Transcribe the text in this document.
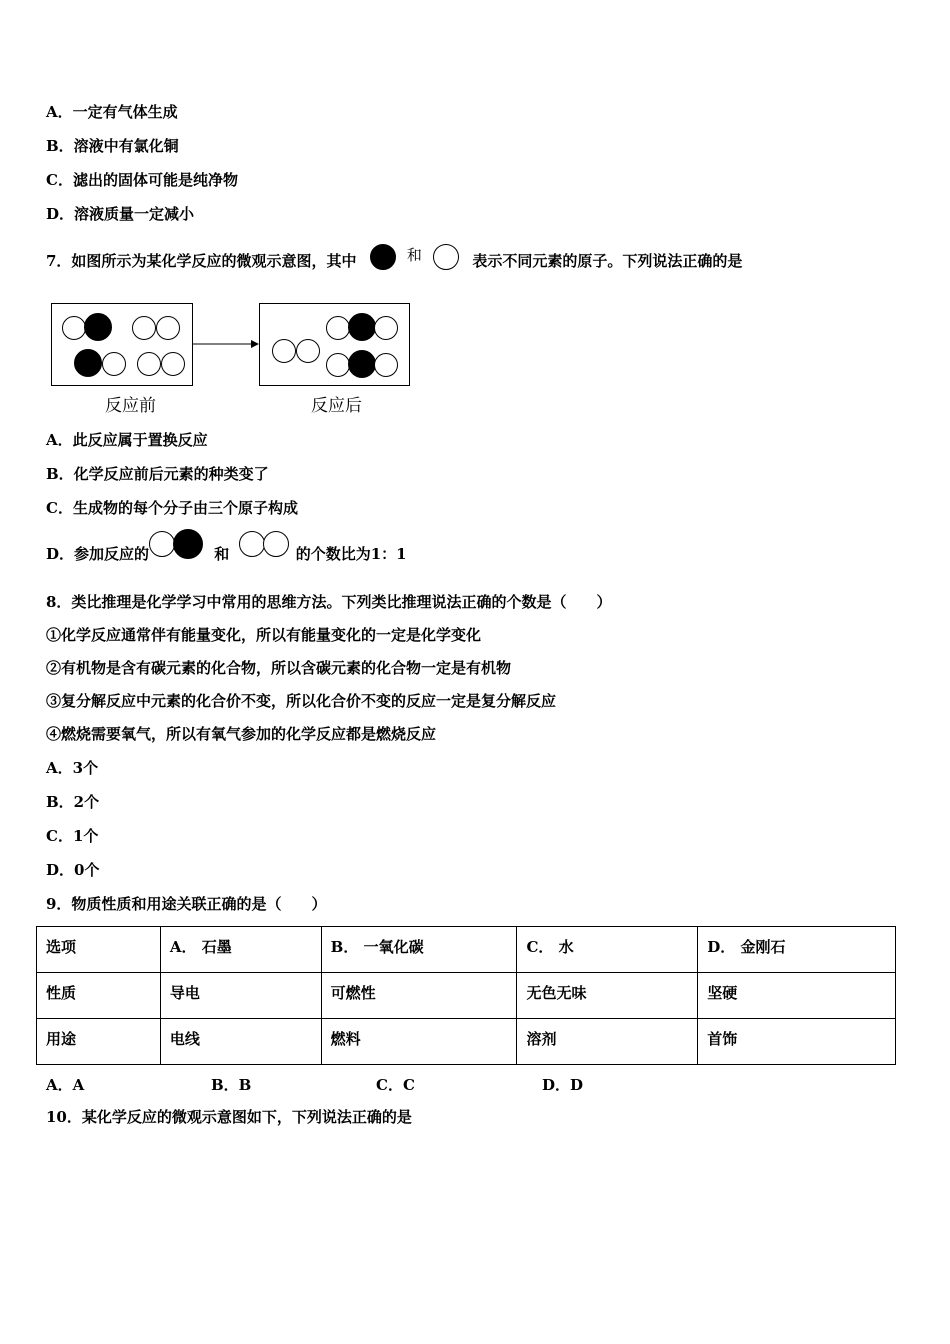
A．一定有气体生成
B．溶液中有氯化铜
C．滤出的固体可能是纯净物
D．溶液质量一定减小
7．如图所示为某化学反应的微观示意图，其中	和	表示不同元素的原子。下列说法正确的是
反应前	反应后
A．此反应属于置换反应
B．化学反应前后元素的种类变了
C．生成物的每个分子由三个原子构成
D．参加反应的	和	的个数比为1：1
8．类比推理是化学学习中常用的思维方法。下列类比推理说法正确的个数是（　　）
①化学反应通常伴有能量变化，所以有能量变化的一定是化学变化
②有机物是含有碳元素的化合物，所以含碳元素的化合物一定是有机物
③复分解反应中元素的化合价不变，所以化合价不变的反应一定是复分解反应
④燃烧需要氧气，所以有氧气参加的化学反应都是燃烧反应
A．3个
B．2个
C．1个
D．0个
9．物质性质和用途关联正确的是（　　）
选项	A． 石墨	B． 一氧化碳	C． 水	D． 金刚石
性质	导电	可燃性	无色无味	坚硬
用途	电线	燃料	溶剂	首饰
A．A	B．B	C．C	D．D
10．某化学反应的微观示意图如下，下列说法正确的是
